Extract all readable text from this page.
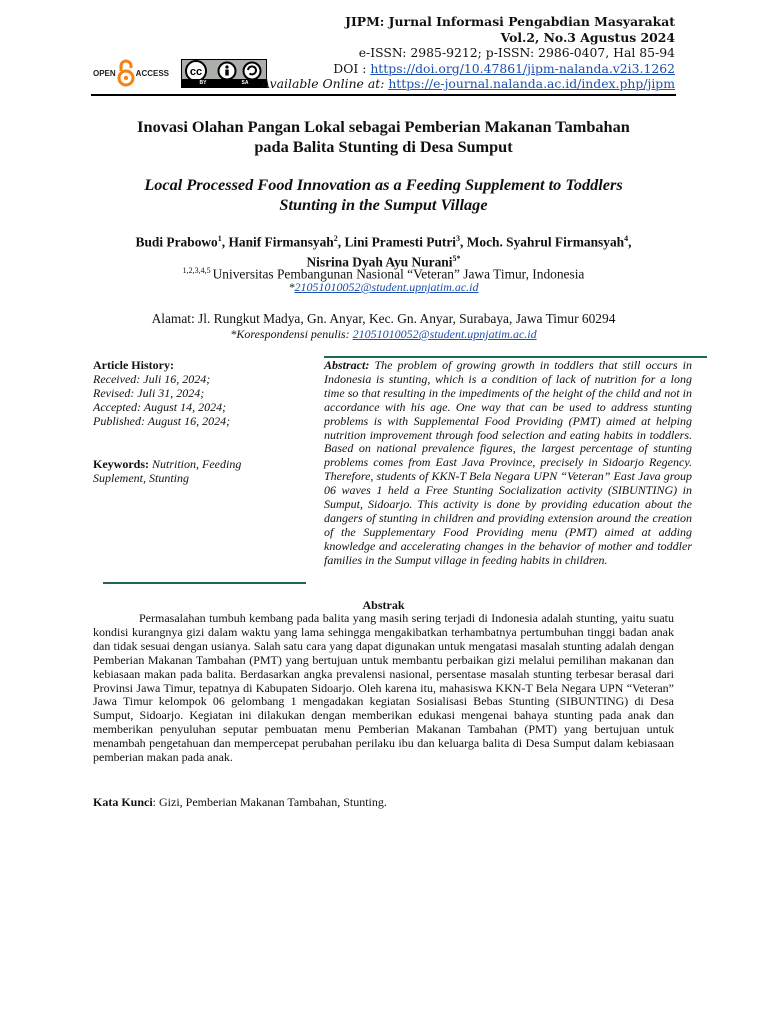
OPEN	ACCESS cc
BY	SA
JIPM: Jurnal Informasi Pengabdian Masyarakat
Vol.2, No.3 Agustus 2024
e-ISSN: 2985-9212; p-ISSN: 2986-0407, Hal 85-94
DOI : https://doi.org/10.47861/jipm-nalanda.v2i3.1262
Available Online at: https://e-journal.nalanda.ac.id/index.php/jipm
Inovasi Olahan Pangan Lokal sebagai Pemberian Makanan Tambahan
pada Balita Stunting di Desa Sumput
Local Processed Food Innovation as a Feeding Supplement to Toddlers
Stunting in the Sumput Village
Budi Prabowo$^1$, Hanif Firmansyah$^2$, Lini Pramesti Putri$^3$, Moch. Syahrul Firmansyah$^4$,
Nisrina Dyah Ayu Nurani$^{5*}$
$^{1,2,3,4,5}$ Universitas Pembangunan Nasional “Veteran” Jawa Timur, Indonesia
*21051010052@student.upnjatim.ac.id
Alamat: Jl. Rungkut Madya, Gn. Anyar, Kec. Gn. Anyar, Surabaya, Jawa Timur 60294
*Korespondensi penulis: 21051010052@student.upnjatim.ac.id
Article History:
Received: Juli 16, 2024;
Revised: Juli 31, 2024;
Accepted: August 14, 2024;
Published: August 16, 2024;
Keywords: Nutrition, Feeding Suplement, Stunting
Abstract: The problem of growing growth in toddlers that still occurs in Indonesia is stunting, which is a condition of lack of nutrition for a long time so that resulting in the impediments of the height of the child and not in accordance with his age. One way that can be used to address stunting problems is with Supplemental Food Providing (PMT) aimed at helping nutrition improvement through food selection and eating habits in toddlers. Based on national prevalence figures, the largest percentage of stunting problems comes from East Java Province, precisely in Sidoarjo Regency. Therefore, students of KKN-T Bela Negara UPN “Veteran” East Java group 06 waves 1 held a Free Stunting Socialization activity (SIBUNTING) in Sumput, Sidoarjo. This activity is done by providing education about the dangers of stunting in children and providing extension around the creation of the Supplementary Food Providing menu (PMT) aimed at adding knowledge and accelerating changes in the behavior of mother and toddler families in the Sumput village in feeding habits in children.
Abstrak
Permasalahan tumbuh kembang pada balita yang masih sering terjadi di Indonesia adalah stunting, yaitu suatu kondisi kurangnya gizi dalam waktu yang lama sehingga mengakibatkan terhambatnya pertumbuhan tinggi badan anak dan tidak sesuai dengan usianya. Salah satu cara yang dapat digunakan untuk mengatasi masalah stunting adalah dengan Pemberian Makanan Tambahan (PMT) yang bertujuan untuk membantu perbaikan gizi melalui pemilihan makanan dan kebiasaan makan pada balita. Berdasarkan angka prevalensi nasional, persentase masalah stunting terbesar berasal dari Provinsi Jawa Timur, tepatnya di Kabupaten Sidoarjo. Oleh karena itu, mahasiswa KKN-T Bela Negara UPN “Veteran” Jawa Timur kelompok 06 gelombang 1 mengadakan kegiatan Sosialisasi Bebas Stunting (SIBUNTING) di Desa Sumput, Sidoarjo. Kegiatan ini dilakukan dengan memberikan edukasi mengenai bahaya stunting pada anak dan memberikan penyuluhan seputar pembuatan menu Pemberian Makanan Tambahan (PMT) yang bertujuan untuk menambah pengetahuan dan mempercepat perubahan perilaku ibu dan keluarga balita di Desa Sumput dalam kebiasaan pemberian makan pada anak.
Kata Kunci: Gizi, Pemberian Makanan Tambahan, Stunting.
